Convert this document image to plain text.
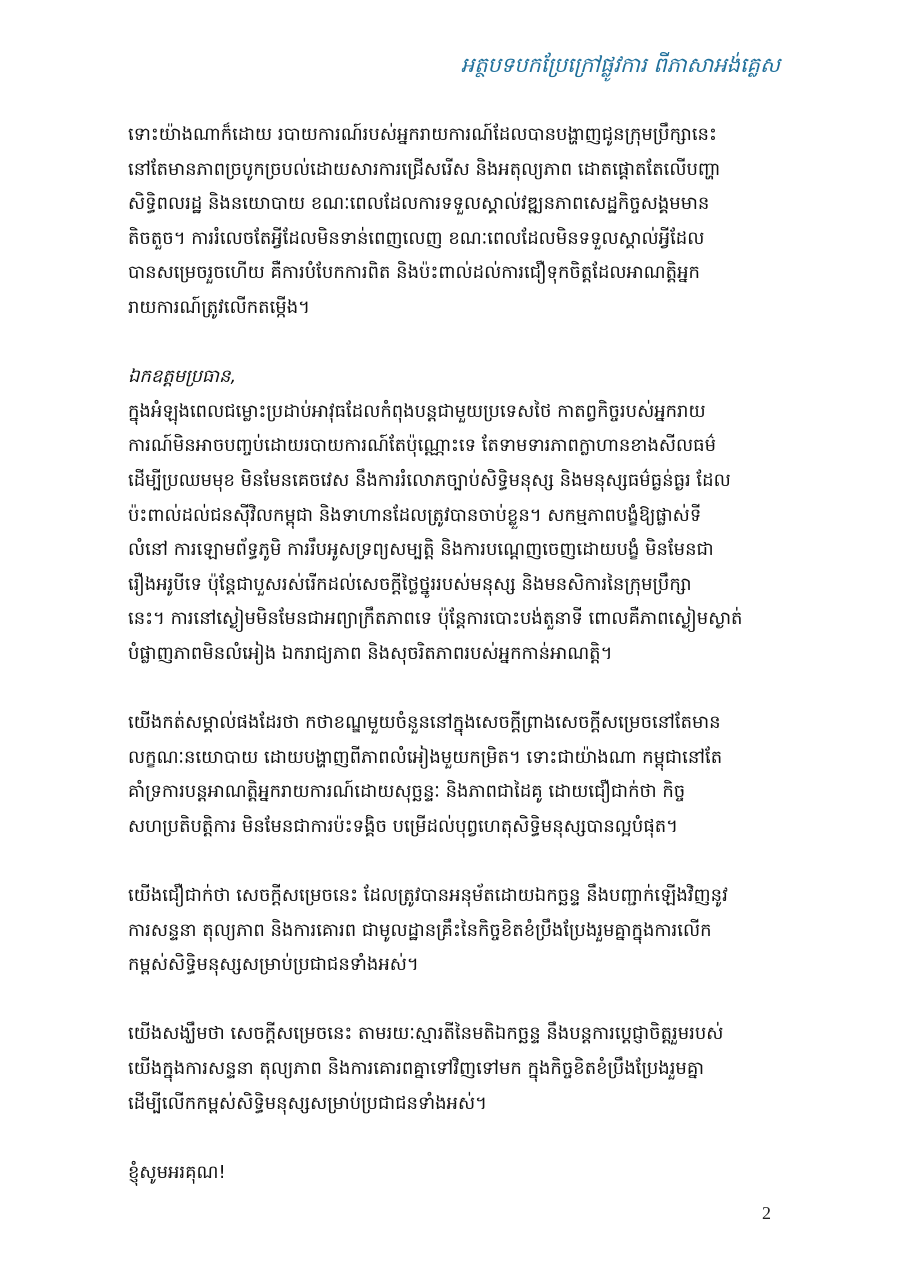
អត្ថបទបកប្រែក្រៅផ្លូវការ ពីភាសាអង់គ្លេស
ទោះយ៉ាងណាក៏ដោយ របាយការណ៍របស់អ្នករាយការណ៍ដែលបានបង្ហាញជូនក្រុមប្រឹក្សានេះ
នៅតែមានភាពច្របូកច្របល់ដោយសារការជ្រើសរើស និងអតុល្យភាព ដោតផ្តោតតែលើបញ្ហា
សិទ្ធិពលរដ្ឋ និងនយោបាយ ខណៈពេលដែលការទទួលស្គាល់វឌ្ឍនភាពសេដ្ឋកិច្ចសង្គមមាន
តិចតួច។ ការរំលេចតែអ្វីដែលមិនទាន់ពេញលេញ ខណៈពេលដែលមិនទទួលស្គាល់អ្វីដែល
បានសម្រេចរួចហើយ គឺការបំបែកការពិត និងប៉ះពាល់ដល់ការជឿទុកចិត្តដែលអាណត្តិអ្នក
រាយការណ៍ត្រូវលើកតម្កើង។
ឯកឧត្តមប្រធាន,
ក្នុងអំឡុងពេលជម្លោះប្រដាប់អាវុធដែលកំពុងបន្តជាមួយប្រទេសថៃ កាតព្វកិច្ចរបស់អ្នករាយ
ការណ៍មិនអាចបញ្ចប់ដោយរបាយការណ៍តែប៉ុណ្ណោះទេ តែទាមទារភាពក្លាហានខាងសីលធម៌
ដើម្បីប្រឈមមុខ មិនមែនគេចវេស នឹងការរំលោភច្បាប់សិទ្ធិមនុស្ស និងមនុស្សធម៌ធ្ងន់ធ្ងរ ដែល
ប៉ះពាល់ដល់ជនស៊ីវិលកម្ពុជា និងទាហានដែលត្រូវបានចាប់ខ្លួន។ សកម្មភាពបង្ខំឱ្យផ្លាស់ទី
លំនៅ ការឡោមព័ទ្ធភូមិ ការរឹបអូសទ្រព្យសម្បត្តិ និងការបណ្តេញចេញដោយបង្ខំ មិនមែនជា
រឿងអរូបីទេ ប៉ុន្តែជាបួសរស់រើកដល់សេចក្តីថ្លៃថ្នូររបស់មនុស្ស និងមនសិការនៃក្រុមប្រឹក្សា
នេះ។ ការនៅស្ងៀមមិនមែនជាអព្យាក្រឹតភាពទេ ប៉ុន្តែការបោះបង់តួនាទី ពោលគឺភាពស្ងៀមស្ងាត់
បំផ្លាញភាពមិនលំអៀង ឯករាជ្យភាព និងសុចរិតភាពរបស់អ្នកកាន់អាណត្តិ។
យើងកត់សម្គាល់ផងដែរថា កថាខណ្ឌមួយចំនួននៅក្នុងសេចក្តីព្រាងសេចក្តីសម្រេចនៅតែមាន
លក្ខណៈនយោបាយ ដោយបង្ហាញពីភាពលំអៀងមួយកម្រិត។ ទោះជាយ៉ាងណា កម្ពុជានៅតែ
គាំទ្រការបន្តអាណត្តិអ្នករាយការណ៍ដោយសុច្ឆន្ទៈ និងភាពជាដៃគូ ដោយជឿជាក់ថា កិច្ច
សហប្រតិបត្តិការ មិនមែនជាការប៉ះទង្គិច បម្រើដល់បុព្វហេតុសិទ្ធិមនុស្សបានល្អបំផុត។
យើងជឿជាក់ថា សេចក្តីសម្រេចនេះ ដែលត្រូវបានអនុម័តដោយឯកច្ឆន្ទ នឹងបញ្ជាក់ឡើងវិញនូវ
ការសន្ទនា តុល្យភាព និងការគោរព ជាមូលដ្ឋានគ្រឹះនៃកិច្ចខិតខំប្រឹងប្រែងរួមគ្នាក្នុងការលើក
កម្ពស់សិទ្ធិមនុស្សសម្រាប់ប្រជាជនទាំងអស់។
យើងសង្ឃឹមថា សេចក្តីសម្រេចនេះ តាមរយៈស្មារតីនៃមតិឯកច្ឆន្ទ នឹងបន្តការប្តេជ្ញាចិត្តរួមរបស់
យើងក្នុងការសន្ទនា តុល្យភាព និងការគោរពគ្នាទៅវិញទៅមក ក្នុងកិច្ចខិតខំប្រឹងប្រែងរួមគ្នា
ដើម្បីលើកកម្ពស់សិទ្ធិមនុស្សសម្រាប់ប្រជាជនទាំងអស់។
ខ្ញុំសូមអរគុណ!
2
